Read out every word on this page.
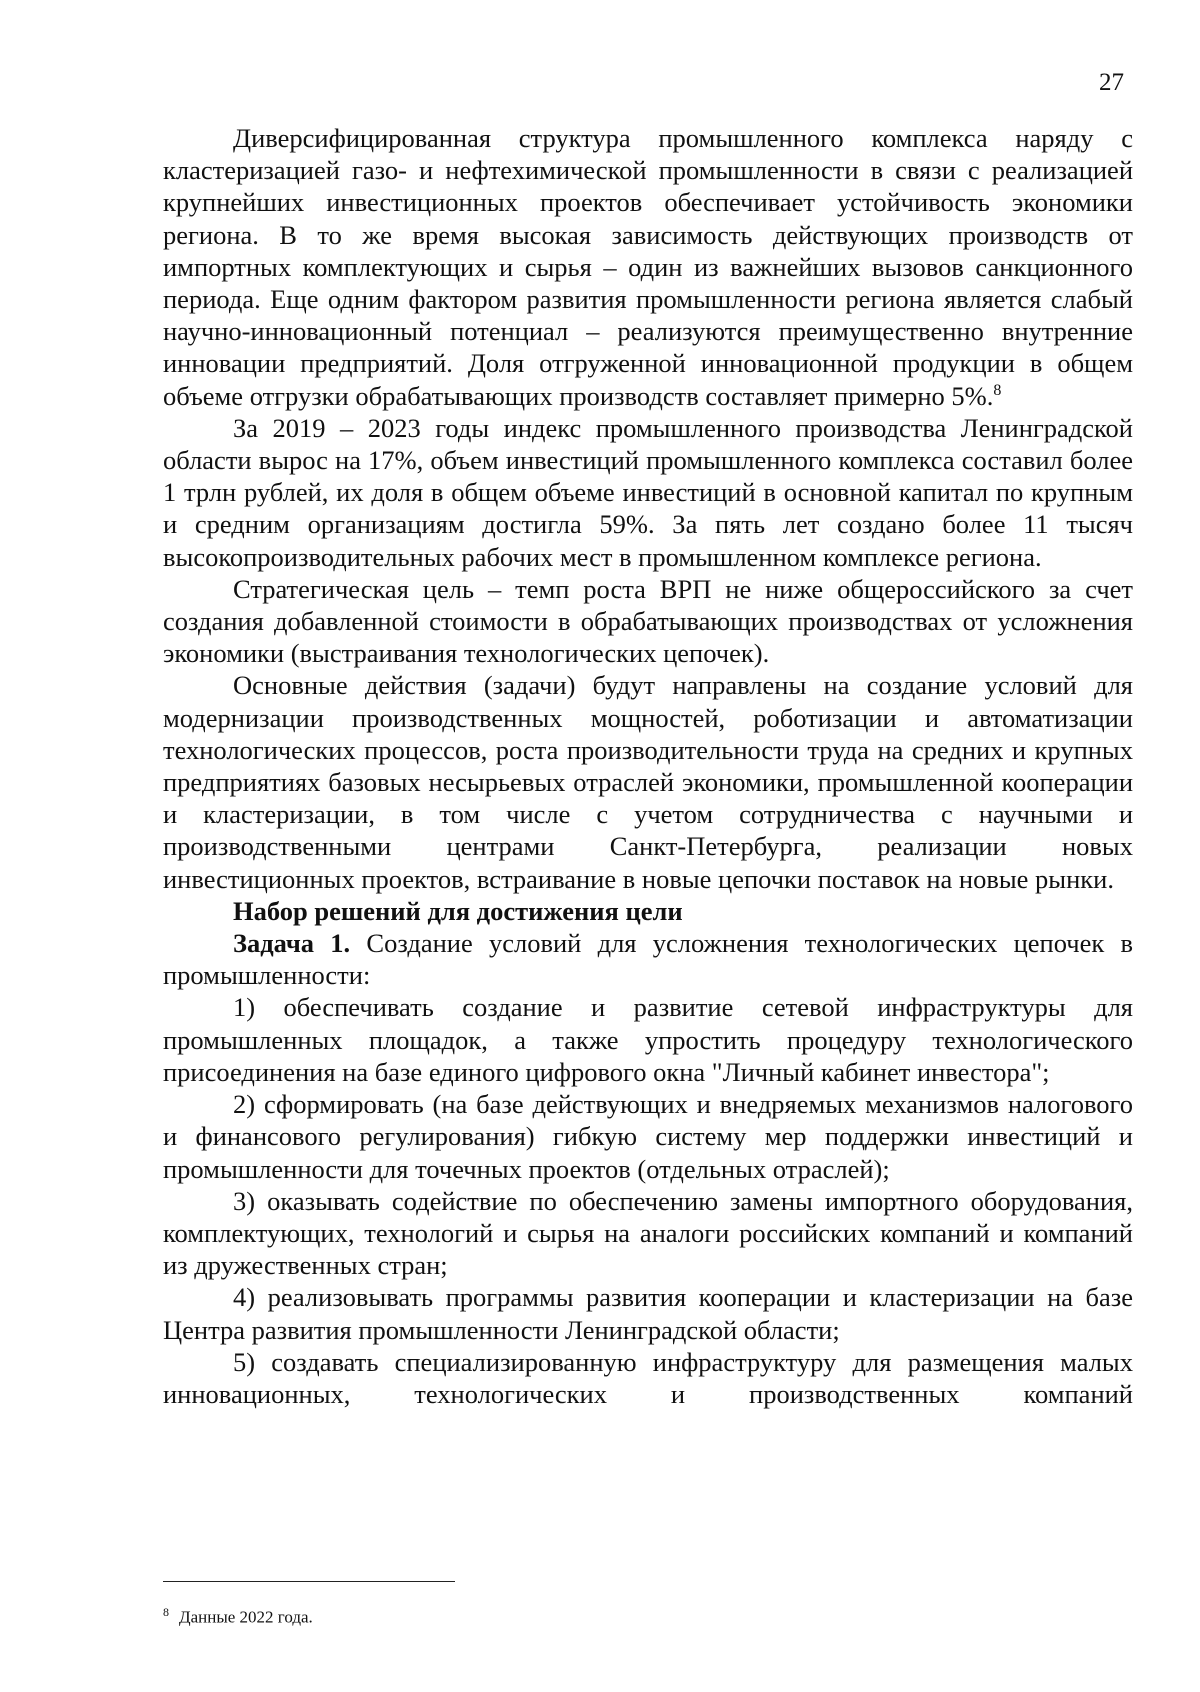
27

Диверсифицированная структура промышленного комплекса наряду с кластеризацией газо- и нефтехимической промышленности в связи с реализацией крупнейших инвестиционных проектов обеспечивает устойчивость экономики региона. В то же время высокая зависимость действующих производств от импортных комплектующих и сырья – один из важнейших вызовов санкционного периода. Еще одним фактором развития промышленности региона является слабый научно-инновационный потенциал – реализуются преимущественно внутренние инновации предприятий. Доля отгруженной инновационной продукции в общем объеме отгрузки обрабатывающих производств составляет примерно 5%.$^8$

За 2019 – 2023 годы индекс промышленного производства Ленинградской области вырос на 17%, объем инвестиций промышленного комплекса составил более 1 трлн рублей, их доля в общем объеме инвестиций в основной капитал по крупным и средним организациям достигла 59%. За пять лет создано более 11 тысяч высокопроизводительных рабочих мест в промышленном комплексе региона.

Стратегическая цель – темп роста ВРП не ниже общероссийского за счет создания добавленной стоимости в обрабатывающих производствах от усложнения экономики (выстраивания технологических цепочек).

Основные действия (задачи) будут направлены на создание условий для модернизации производственных мощностей, роботизации и автоматизации технологических процессов, роста производительности труда на средних и крупных предприятиях базовых несырьевых отраслей экономики, промышленной кооперации и кластеризации, в том числе с учетом сотрудничества с научными и производственными центрами Санкт-Петербурга, реализации новых инвестиционных проектов, встраивание в новые цепочки поставок на новые рынки.

Набор решений для достижения цели

Задача 1. Создание условий для усложнения технологических цепочек в промышленности:

1) обеспечивать создание и развитие сетевой инфраструктуры для промышленных площадок, а также упростить процедуру технологического присоединения на базе единого цифрового окна "Личный кабинет инвестора";

2) сформировать (на базе действующих и внедряемых механизмов налогового и финансового регулирования) гибкую систему мер поддержки инвестиций и промышленности для точечных проектов (отдельных отраслей);

3) оказывать содействие по обеспечению замены импортного оборудования, комплектующих, технологий и сырья на аналоги российских компаний и компаний из дружественных стран;

4) реализовывать программы развития кооперации и кластеризации на базе Центра развития промышленности Ленинградской области;

5) создавать специализированную инфраструктуру для размещения малых инновационных, технологических и производственных компаний

$^8$ Данные 2022 года.
